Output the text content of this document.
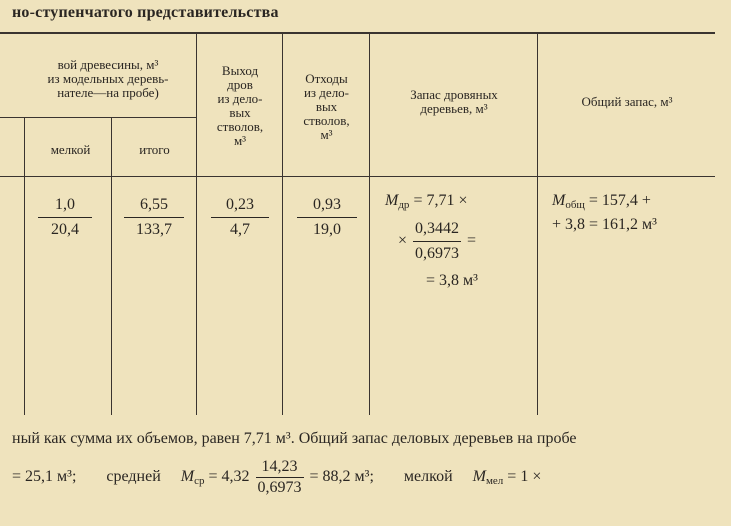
но-ступенчатого представительства
вой древесины, м³
из модельных деревь-
нателе—на пробе)
мелкой	итого
Выход
дров
из дело-
вых
стволов,
м³
Отходы
из дело-
вых
стволов,
м³
Запас дровяных
деревьев, м³	Общий запас, м³
1,0
20,4
6,55
133,7
0,23
4,7
0,93
19,0
$M_{др} = 7,71$ ×
× $\frac{0,3442}{0,6973}$ =
= 3,8 м³
$M_{общ} = 157,4$ +
+ 3,8 = 161,2 м³
ный как сумма их объемов, равен 7,71 м³. Общий запас деловых деревьев на пробе
= 25,1 м³; средней $M_{ср} = 4,32 \frac{14,23}{0,6973} = 88,2$ м³; мелкой $M_{мел} = 1$ ×
